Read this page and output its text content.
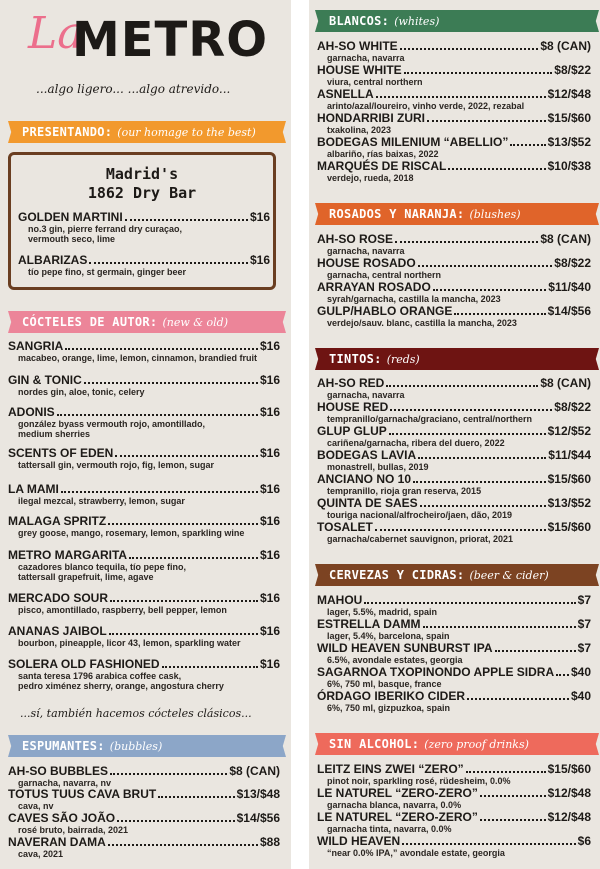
La
METRO
...algo ligero... ...algo atrevido...
PRESENTANDO: (our homage to the best)
Madrid's
1862 Dry Bar
CÓCTELES DE AUTOR: (new & old)
...sí, también hacemos cócteles clásicos...
ESPUMANTES: (bubbles)
GOLDEN MARTINI	$16
no.3 gin, pierre ferrand dry curaçao,
vermouth seco, lime
ALBARIZAS	$16
tío pepe fino, st germain, ginger beer
SANGRIA	$16
macabeo, orange, lime, lemon, cinnamon, brandied fruit
GIN & TONIC	$16
nordes gin, aloe, tonic, celery
ADONIS	$16
gonzález byass vermouth rojo, amontillado,
medium sherries
SCENTS OF EDEN	$16
tattersall gin, vermouth rojo, fig, lemon, sugar
LA MAMI	$16
ilegal mezcal, strawberry, lemon, sugar
MALAGA SPRITZ	$16
grey goose, mango, rosemary, lemon, sparkling wine
METRO MARGARITA	$16
cazadores blanco tequila, tío pepe fino,
tattersall grapefruit, lime, agave
MERCADO SOUR	$16
pisco, amontillado, raspberry, bell pepper, lemon
ANANAS JAIBOL	$16
bourbon, pineapple, licor 43, lemon, sparkling water
SOLERA OLD FASHIONED	$16
santa teresa 1796 arabica coffee cask,
pedro ximénez sherry, orange, angostura cherry
AH-SO BUBBLES	$8 (CAN)
garnacha, navarra, nv
TOTUS TUUS CAVA BRUT	$13/$48
cava, nv
CAVES SÃO JOÃO	$14/$56
rosé bruto, bairrada, 2021
NAVERAN DAMA	$88
cava, 2021
BLANCOS: (whites)
ROSADOS Y NARANJA: (blushes)
TINTOS: (reds)
CERVEZAS Y CIDRAS: (beer & cider)
SIN ALCOHOL: (zero proof drinks)
AH-SO WHITE	$8 (CAN)
garnacha, navarra
HOUSE WHITE	$8/$22
viura, central northern
ASNELLA	$12/$48
arinto/azal/loureiro, vinho verde, 2022, rezabal
HONDARRIBI ZURI	$15/$60
txakolina, 2023
BODEGAS MILENIUM “ABELLIO”	$13/$52
albariño, rías baixas, 2022
MARQUÉS DE RISCAL	$10/$38
verdejo, rueda, 2018
AH-SO ROSE	$8 (CAN)
garnacha, navarra
HOUSE ROSADO	$8/$22
garnacha, central northern
ARRAYAN ROSADO	$11/$40
syrah/garnacha, castilla la mancha, 2023
GULP/HABLO ORANGE	$14/$56
verdejo/sauv. blanc, castilla la mancha, 2023
AH-SO RED	$8 (CAN)
garnacha, navarra
HOUSE RED	$8/$22
tempranillo/garnacha/graciano, central/northern
GLUP GLUP	$12/$52
cariñena/garnacha, ribera del duero, 2022
BODEGAS LAVIA	$11/$44
monastrell, bullas, 2019
ANCIANO NO 10	$15/$60
tempranillo, rioja gran reserva, 2015
QUINTA DE SAES	$13/$52
touriga nacional/alfrocheiro/jaen, dão, 2019
TOSALET	$15/$60
garnacha/cabernet sauvignon, priorat, 2021
MAHOU	$7
lager, 5.5%, madrid, spain
ESTRELLA DAMM	$7
lager, 5.4%, barcelona, spain
WILD HEAVEN SUNBURST IPA	$7
6.5%, avondale estates, georgia
SAGARNOA TXOPINONDO APPLE SIDRA $40
6%, 750 ml, basque, france
ÓRDAGO IBERIKO CIDER	$40
6%, 750 ml, gizpuzkoa, spain
LEITZ EINS ZWEI “ZERO”	$15/$60
pinot noir, sparkling rosé, rüdesheim, 0.0%
LE NATUREL “ZERO-ZERO”	$12/$48
garnacha blanca, navarra, 0.0%
LE NATUREL “ZERO-ZERO”	$12/$48
garnacha tinta, navarra, 0.0%
WILD HEAVEN	$6
“near 0.0% IPA,” avondale estate, georgia
